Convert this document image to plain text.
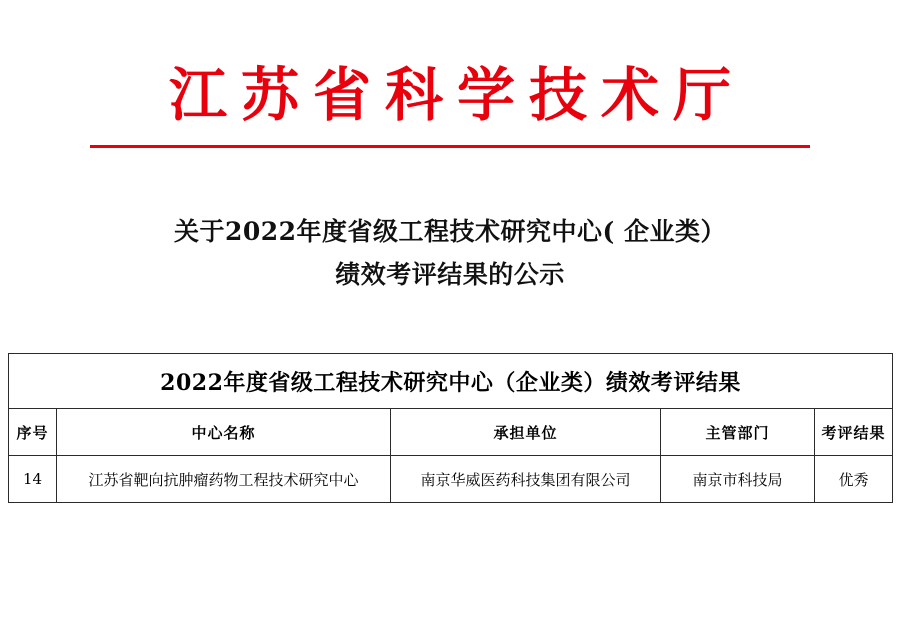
江苏省科学技术厅
关于2022年度省级工程技术研究中心( 企业类）
绩效考评结果的公示
2022年度省级工程技术研究中心（企业类）绩效考评结果				
序号	中心名称	承担单位	主管部门	考评结果
14	江苏省靶向抗肿瘤药物工程技术研究中心	南京华威医药科技集团有限公司	南京市科技局	优秀
